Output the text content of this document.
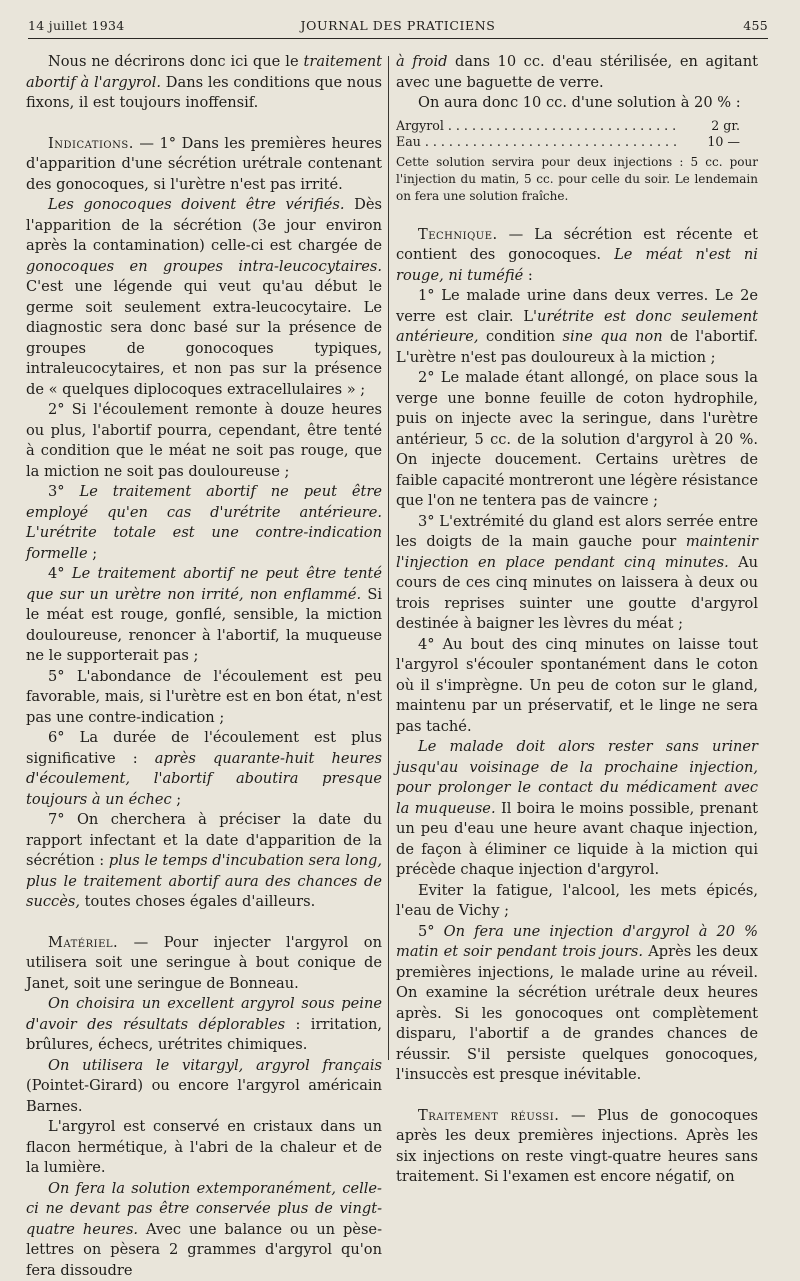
14 juillet 1934	JOURNAL DES PRATICIENS	455

Nous ne décrirons donc ici que le traitement abortif à l'argyrol. Dans les conditions que nous fixons, il est toujours inoffensif.

Indications. — 1° Dans les premières heures d'apparition d'une sécrétion urétrale contenant des gonocoques, si l'urètre n'est pas irrité.

Les gonocoques doivent être vérifiés. Dès l'apparition de la sécrétion (3e jour environ après la contamination) celle-ci est chargée de gonocoques en groupes intra-leucocytaires. C'est une légende qui veut qu'au début le germe soit seulement extra-leucocytaire. Le diagnostic sera donc basé sur la présence de groupes de gonocoques typiques, intraleucocytaires, et non pas sur la présence de « quelques diplocoques extracellulaires » ;

2° Si l'écoulement remonte à douze heures ou plus, l'abortif pourra, cependant, être tenté à condition que le méat ne soit pas rouge, que la miction ne soit pas douloureuse ;

3° Le traitement abortif ne peut être employé qu'en cas d'urétrite antérieure. L'urétrite totale est une contre-indication formelle ;

4° Le traitement abortif ne peut être tenté que sur un urètre non irrité, non enflammé. Si le méat est rouge, gonflé, sensible, la miction douloureuse, renoncer à l'abortif, la muqueuse ne le supporterait pas ;

5° L'abondance de l'écoulement est peu favorable, mais, si l'urètre est en bon état, n'est pas une contre-indication ;

6° La durée de l'écoulement est plus significative : après quarante-huit heures d'écoulement, l'abortif aboutira presque toujours à un échec ;

7° On cherchera à préciser la date du rapport infectant et la date d'apparition de la sécrétion : plus le temps d'incubation sera long, plus le traitement abortif aura des chances de succès, toutes choses égales d'ailleurs.

Matériel. — Pour injecter l'argyrol on utilisera soit une seringue à bout conique de Janet, soit une seringue de Bonneau.

On choisira un excellent argyrol sous peine d'avoir des résultats déplorables : irritation, brûlures, échecs, urétrites chimiques.

On utilisera le vitargyl, argyrol français (Pointet-Girard) ou encore l'argyrol américain Barnes.

L'argyrol est conservé en cristaux dans un flacon hermétique, à l'abri de la chaleur et de la lumière.

On fera la solution extemporanément, celle-ci ne devant pas être conservée plus de vingt-quatre heures. Avec une balance ou un pèse-lettres on pèsera 2 grammes d'argyrol qu'on fera dissoudre

à froid dans 10 cc. d'eau stérilisée, en agitant avec une baguette de verre.

On aura donc 10 cc. d'une solution à 20 % :

Argyrol . . . . . . . . . . . . . . . . . . . . . . . . . . . . .	2 gr.
Eau . . . . . . . . . . . . . . . . . . . . . . . . . . . . . . . .	10 —

Cette solution servira pour deux injections : 5 cc. pour l'injection du matin, 5 cc. pour celle du soir. Le lendemain on fera une solution fraîche.

Technique. — La sécrétion est récente et contient des gonocoques. Le méat n'est ni rouge, ni tuméfié :

1° Le malade urine dans deux verres. Le 2e verre est clair. L'urétrite est donc seulement antérieure, condition sine qua non de l'abortif. L'urètre n'est pas douloureux à la miction ;

2° Le malade étant allongé, on place sous la verge une bonne feuille de coton hydrophile, puis on injecte avec la seringue, dans l'urètre antérieur, 5 cc. de la solution d'argyrol à 20 %. On injecte doucement. Certains urètres de faible capacité montreront une légère résistance que l'on ne tentera pas de vaincre ;

3° L'extrémité du gland est alors serrée entre les doigts de la main gauche pour maintenir l'injection en place pendant cinq minutes. Au cours de ces cinq minutes on laissera à deux ou trois reprises suinter une goutte d'argyrol destinée à baigner les lèvres du méat ;

4° Au bout des cinq minutes on laisse tout l'argyrol s'écouler spontanément dans le coton où il s'imprègne. Un peu de coton sur le gland, maintenu par un préservatif, et le linge ne sera pas taché.

Le malade doit alors rester sans uriner jusqu'au voisinage de la prochaine injection, pour prolonger le contact du médicament avec la muqueuse. Il boira le moins possible, prenant un peu d'eau une heure avant chaque injection, de façon à éliminer ce liquide à la miction qui précède chaque injection d'argyrol.

Eviter la fatigue, l'alcool, les mets épicés, l'eau de Vichy ;

5° On fera une injection d'argyrol à 20 % matin et soir pendant trois jours. Après les deux premières injections, le malade urine au réveil. On examine la sécrétion urétrale deux heures après. Si les gonocoques ont complètement disparu, l'abortif a de grandes chances de réussir. S'il persiste quelques gonocoques, l'insuccès est presque inévitable.

Traitement réussi. — Plus de gonocoques après les deux premières injections. Après les six injections on reste vingt-quatre heures sans traitement. Si l'examen est encore négatif, on
